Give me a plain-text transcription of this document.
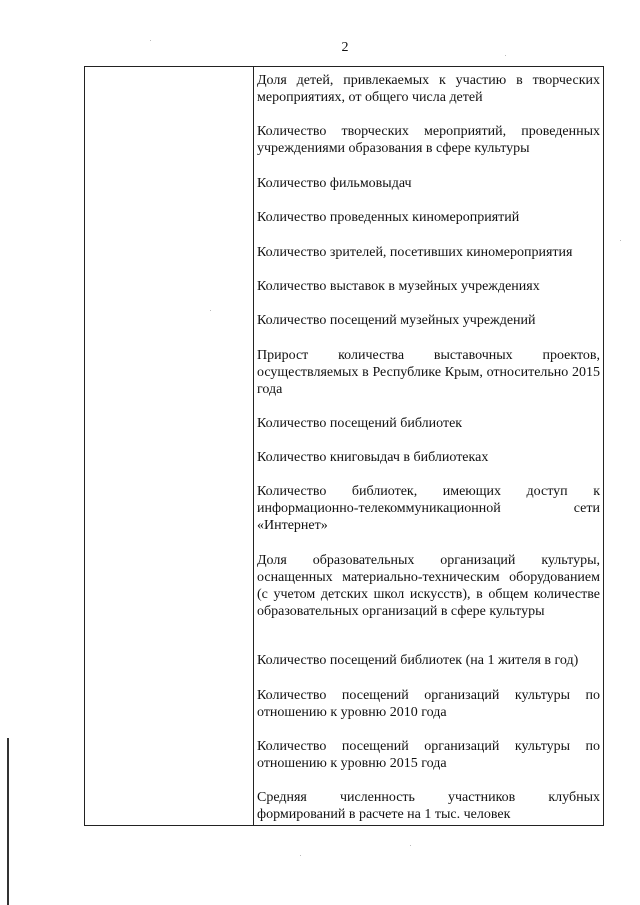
2

Доля детей, привлекаемых к участию в творческих мероприятиях, от общего числа детей

Количество творческих мероприятий, проведенных учреждениями образования в сфере культуры

Количество фильмовыдач

Количество проведенных киномероприятий

Количество зрителей, посетивших киномероприятия

Количество выставок в музейных учреждениях

Количество посещений музейных учреждений

Прирост количества выставочных проектов, осуществляемых в Республике Крым, относительно 2015 года

Количество посещений библиотек

Количество книговыдач в библиотеках

Количество библиотек, имеющих доступ к информационно-телекоммуникационной сети «Интернет»

Доля образовательных организаций культуры, оснащенных материально-техническим оборудованием (с учетом детских школ искусств), в общем количестве образовательных организаций в сфере культуры

Количество посещений библиотек (на 1 жителя в год)

Количество посещений организаций культуры по отношению к уровню 2010 года

Количество посещений организаций культуры по отношению к уровню 2015 года

Средняя численность участников клубных формирований в расчете на 1 тыс. человек
